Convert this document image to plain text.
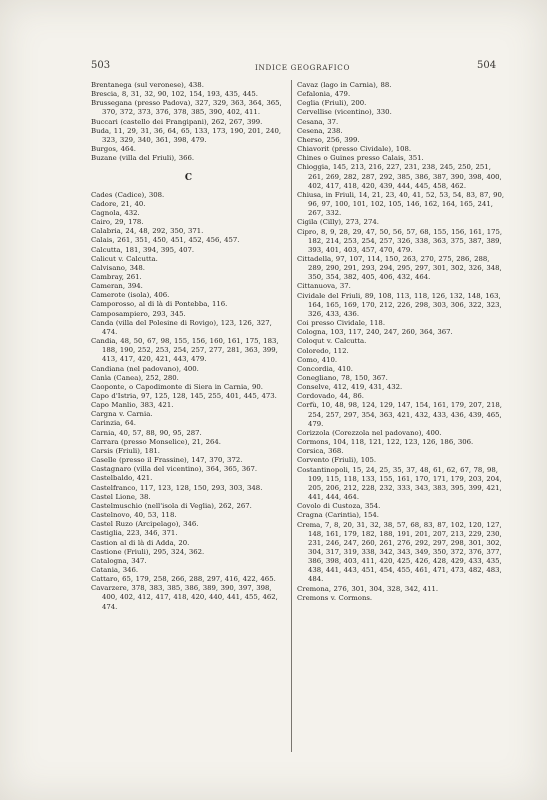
503	INDICE GEOGRAFICO	504
Brentanega (sul veronese), 438.
Brescia, 8, 31, 32, 90, 102, 154, 193, 435, 445.
Brussegana (presso Padova), 327, 329, 363, 364, 365, 370, 372, 373, 376, 378, 385, 390, 402, 411.
Buccari (castello dei Frangipani), 262, 267, 399.
Buda, 11, 29, 31, 36, 64, 65, 133, 173, 190, 201, 240, 323, 329, 340, 361, 398, 479.
Burgos, 464.
Buzane (villa del Friuli), 366.
C
Cades (Cadice), 308.
Cadore, 21, 40.
Cagnola, 432.
Cairo, 29, 178.
Calabria, 24, 48, 292, 350, 371.
Calais, 261, 351, 450, 451, 452, 456, 457.
Calcutta, 181, 394, 395, 407.
Calicut v. Calcutta.
Calvisano, 348.
Cambray, 261.
Cameran, 394.
Camerote (isola), 406.
Camporosso, al di là di Pontebba, 116.
Camposampiero, 293, 345.
Canda (villa del Polesine di Rovigo), 123, 126, 327, 474.
Candia, 48, 50, 67, 98, 155, 156, 160, 161, 175, 183, 188, 190, 252, 253, 254, 257, 277, 281, 363, 399, 413, 417, 420, 421, 443, 479.
Candiana (nel padovano), 400.
Canìa (Canea), 252, 280.
Caoponte, o Capodimonte di Siera in Carnia, 90.
Capo d'Istria, 97, 125, 128, 145, 255, 401, 445, 473.
Capo Manlio, 383, 421.
Cargna v. Carnia.
Carinzia, 64.
Carnia, 40, 57, 88, 90, 95, 287.
Carrara (presso Monselice), 21, 264.
Carsis (Friuli), 181.
Caselle (presso il Frassine), 147, 370, 372.
Castagnaro (villa del vicentino), 364, 365, 367.
Castelbaldo, 421.
Castelfranco, 117, 123, 128, 150, 293, 303, 348.
Castel Lione, 38.
Castelmuschio (nell'isola di Veglia), 262, 267.
Castelnovo, 40, 53, 118.
Castel Ruzo (Arcipelago), 346.
Castiglia, 223, 346, 371.
Castion al di là di Adda, 20.
Castione (Friuli), 295, 324, 362.
Catalogna, 347.
Catania, 346.
Cattaro, 65, 179, 258, 266, 288, 297, 416, 422, 465.
Cavarzere, 378, 383, 385, 386, 389, 390, 397, 398, 400, 402, 412, 417, 418, 420, 440, 441, 455, 462, 474.
Cavaz (lago in Carnia), 88.
Cefalonia, 479.
Ceglia (Friuli), 200.
Cervellise (vicentino), 330.
Cesana, 37.
Cesena, 238.
Cherso, 256, 399.
Chiavorit (presso Cividale), 108.
Chines o Guines presso Calais, 351.
Chioggia, 145, 213, 216, 227, 231, 238, 245, 250, 251, 261, 269, 282, 287, 292, 385, 386, 387, 390, 398, 400, 402, 417, 418, 420, 439, 444, 445, 458, 462.
Chiusa, in Friuli, 14, 21, 23, 40, 41, 52, 53, 54, 83, 87, 90, 96, 97, 100, 101, 102, 105, 146, 162, 164, 165, 241, 267, 332.
Cigila (Cilly), 273, 274.
Cipro, 8, 9, 28, 29, 47, 50, 56, 57, 68, 155, 156, 161, 175, 182, 214, 253, 254, 257, 326, 338, 363, 375, 387, 389, 393, 401, 403, 457, 470, 479.
Cittadella, 97, 107, 114, 150, 263, 270, 275, 286, 288, 289, 290, 291, 293, 294, 295, 297, 301, 302, 326, 348, 350, 354, 382, 405, 406, 432, 464.
Cittanuova, 37.
Cividale del Friuli, 89, 108, 113, 118, 126, 132, 148, 163, 164, 165, 169, 170, 212, 226, 298, 303, 306, 322, 323, 326, 433, 436.
Coi presso Cividale, 118.
Cologna, 103, 117, 240, 247, 260, 364, 367.
Coloqut v. Calcutta.
Coloredo, 112.
Como, 410.
Concordia, 410.
Conegliano, 78, 150, 367.
Conselve, 412, 419, 431, 432.
Cordovado, 44, 86.
Corfù, 10, 48, 98, 124, 129, 147, 154, 161, 179, 207, 218, 254, 257, 297, 354, 363, 421, 432, 433, 436, 439, 465, 479.
Corizzola (Corezzola nel padovano), 400.
Cormons, 104, 118, 121, 122, 123, 126, 186, 306.
Corsica, 368.
Corvento (Friuli), 105.
Costantinopoli, 15, 24, 25, 35, 37, 48, 61, 62, 67, 78, 98, 109, 115, 118, 133, 155, 161, 170, 171, 179, 203, 204, 205, 206, 212, 228, 232, 333, 343, 383, 395, 399, 421, 441, 444, 464.
Covolo di Custoza, 354.
Cragna (Carintia), 154.
Crema, 7, 8, 20, 31, 32, 38, 57, 68, 83, 87, 102, 120, 127, 148, 161, 179, 182, 188, 191, 201, 207, 213, 229, 230, 231, 246, 247, 260, 261, 276, 292, 297, 298, 301, 302, 304, 317, 319, 338, 342, 343, 349, 350, 372, 376, 377, 386, 398, 403, 411, 420, 425, 426, 428, 429, 433, 435, 438, 441, 443, 451, 454, 455, 461, 471, 473, 482, 483, 484.
Cremona, 276, 301, 304, 328, 342, 411.
Cremons v. Cormons.
